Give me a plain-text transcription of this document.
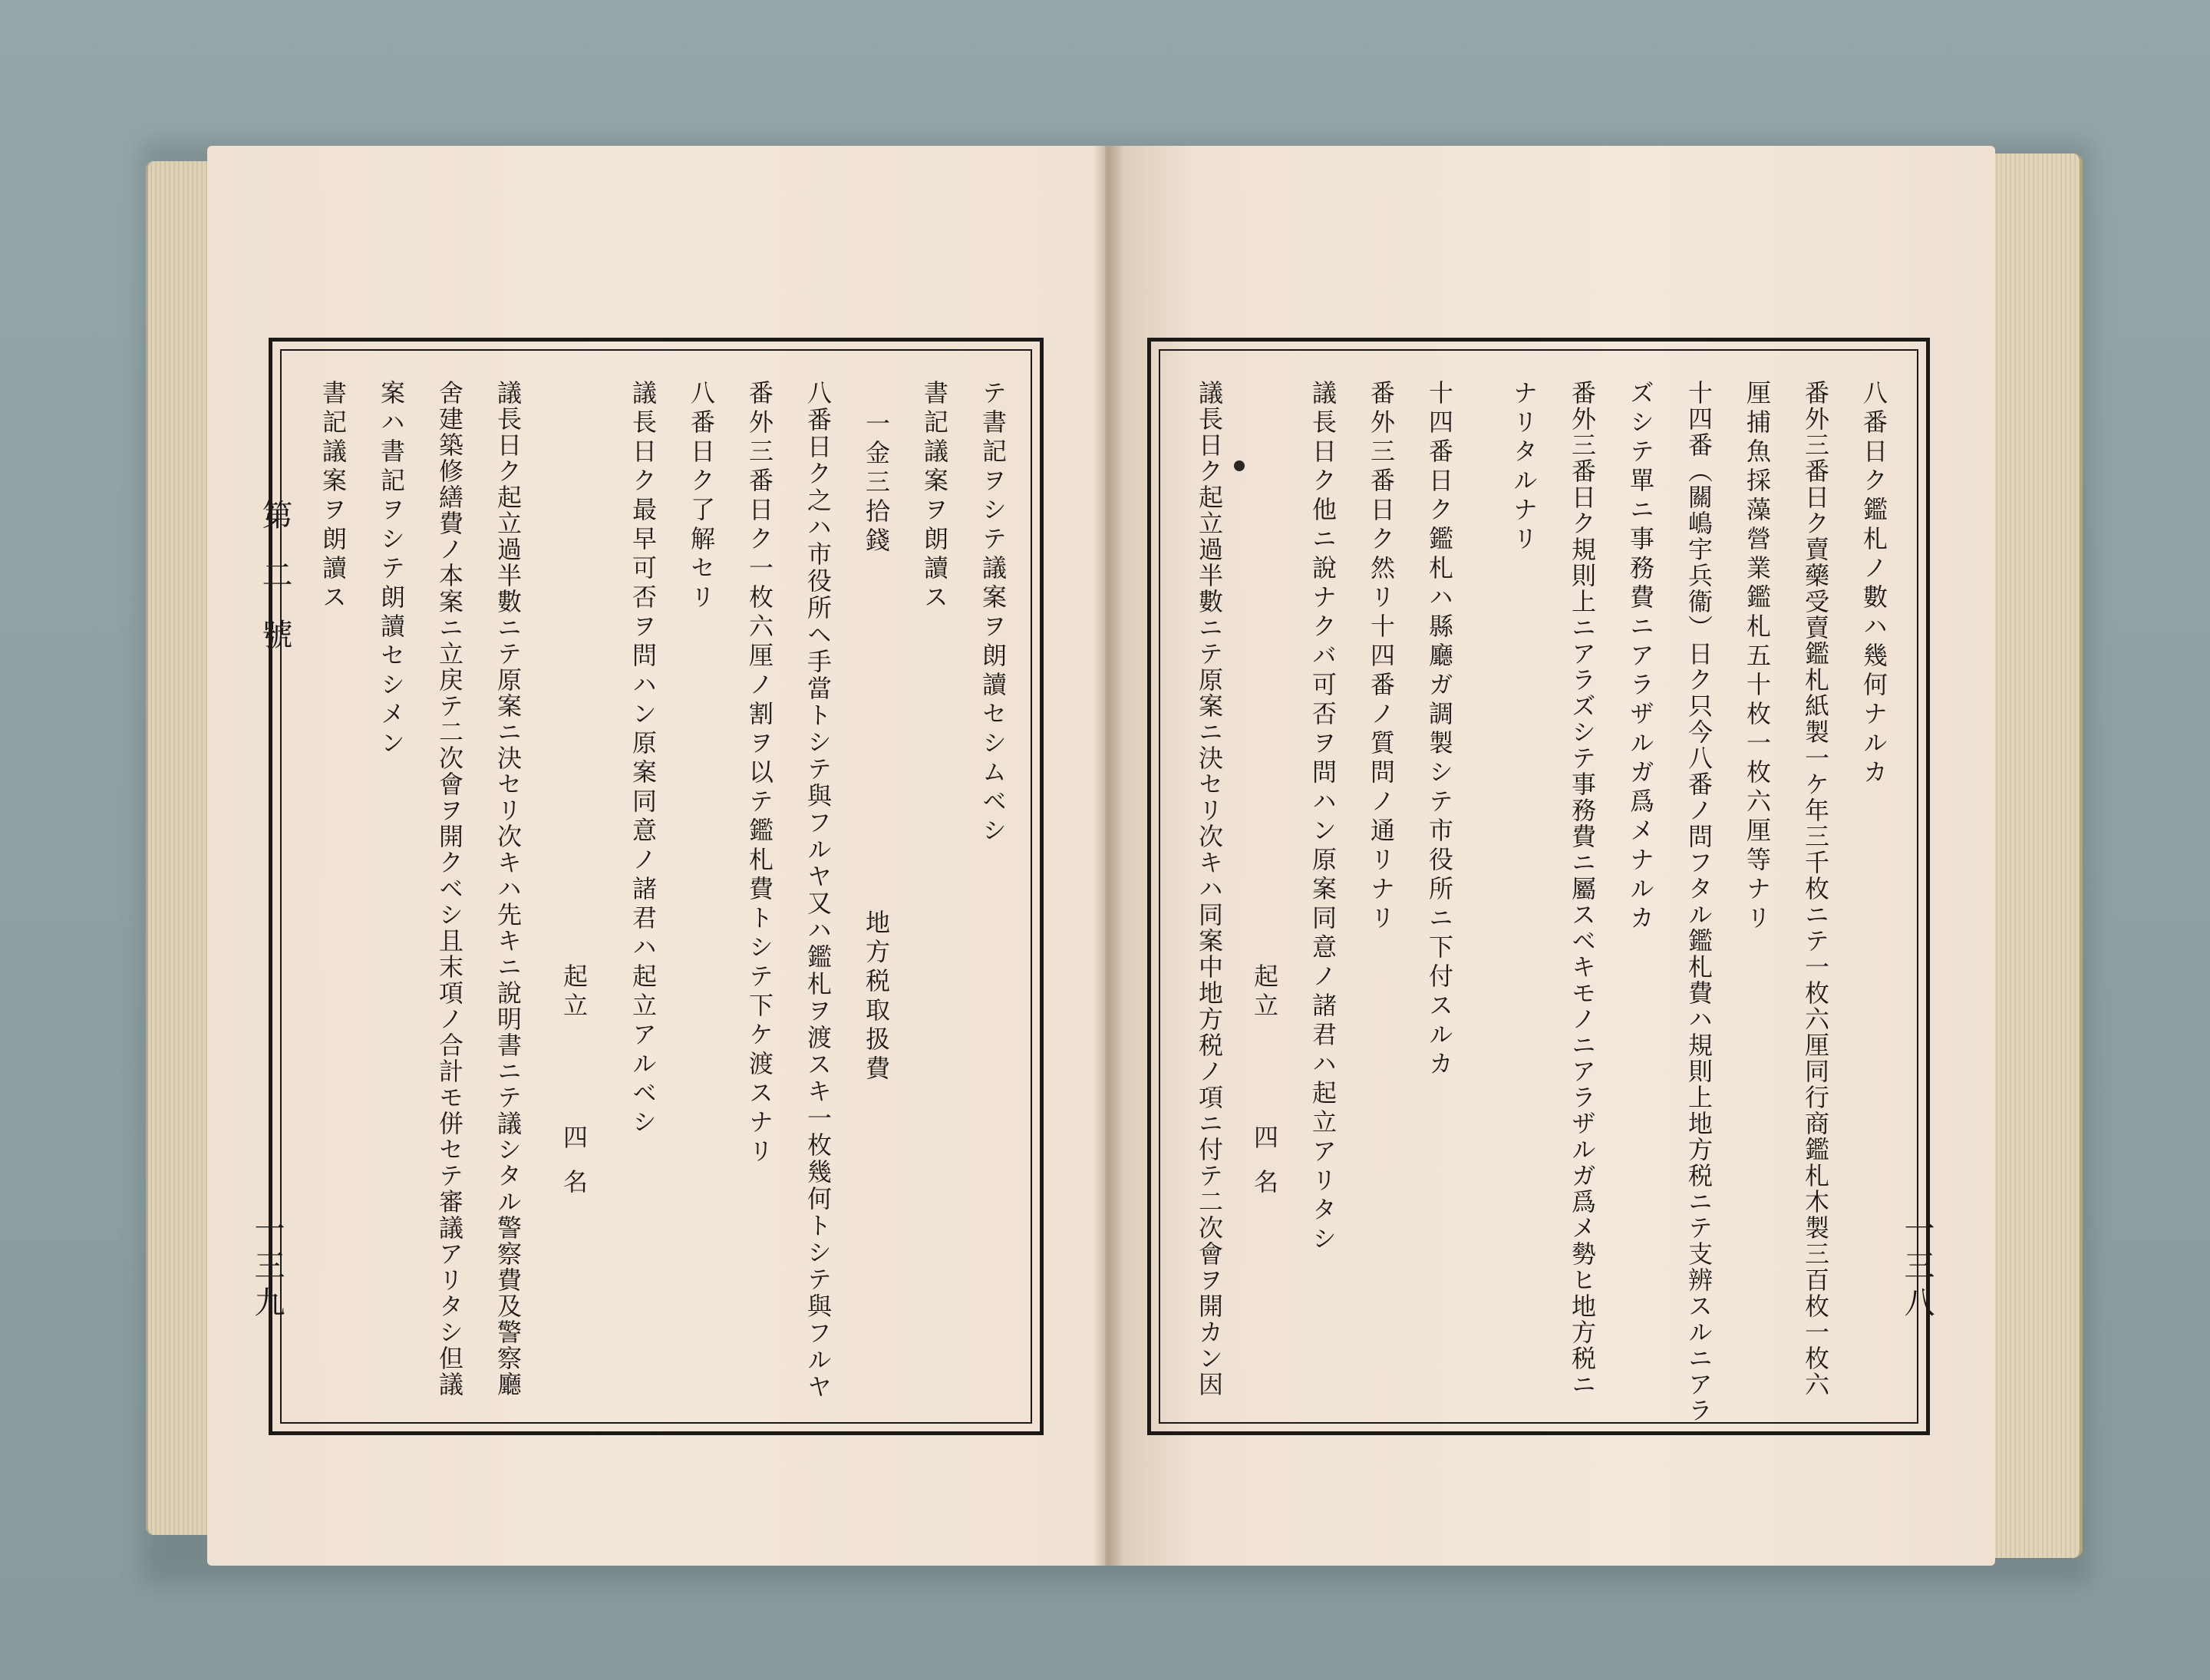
第二號
一三九
テ書記ヲシテ議案ヲ朗讀セシムベシ
書記議案ヲ朗讀ス
一金三拾錢
八番日ク之ハ市役所ヘ手當トシテ與フルヤ又ハ鑑札ヲ渡スキ一枚幾何トシテ與フルヤ
番外三番日ク一枚六厘ノ割ヲ以テ鑑札費トシテ下ケ渡スナリ
八番日ク了解セリ
議長日ク最早可否ヲ問ハン原案同意ノ諸君ハ起立アルベシ
議長日ク起立過半數ニテ原案ニ決セリ次キハ先キニ說明書ニテ議シタル警察費及警察廳
舍建築修繕費ノ本案ニ立戻テ二次會ヲ開クベシ且末項ノ合計モ併セテ審議アリタシ但議
案ハ書記ヲシテ朗讀セシメン
書記議案ヲ朗讀ス
地方税取扱費
起立
四名
一三八
八番日ク鑑札ノ數ハ幾何ナルカ
番外三番日ク賣藥受賣鑑札紙製一ケ年三千枚ニテ一枚六厘同行商鑑札木製三百枚一枚六
厘捕魚採藻營業鑑札五十枚一枚六厘等ナリ
十四番（關嶋宇兵衞）日ク只今八番ノ問フタル鑑札費ハ規則上地方税ニテ支辨スルニアラ
ズシテ單ニ事務費ニアラザルガ爲メナルカ
番外三番日ク規則上ニアラズシテ事務費ニ屬スベキモノニアラザルガ爲メ勢ヒ地方税ニ
ナリタルナリ
十四番日ク鑑札ハ縣廳ガ調製シテ市役所ニ下付スルカ
番外三番日ク然リ十四番ノ質問ノ通リナリ
議長日ク他ニ說ナクバ可否ヲ問ハン原案同意ノ諸君ハ起立アリタシ
議長日ク起立過半數ニテ原案ニ決セリ次キハ同案中地方税ノ項ニ付テ二次會ヲ開カン因 起立
四名
